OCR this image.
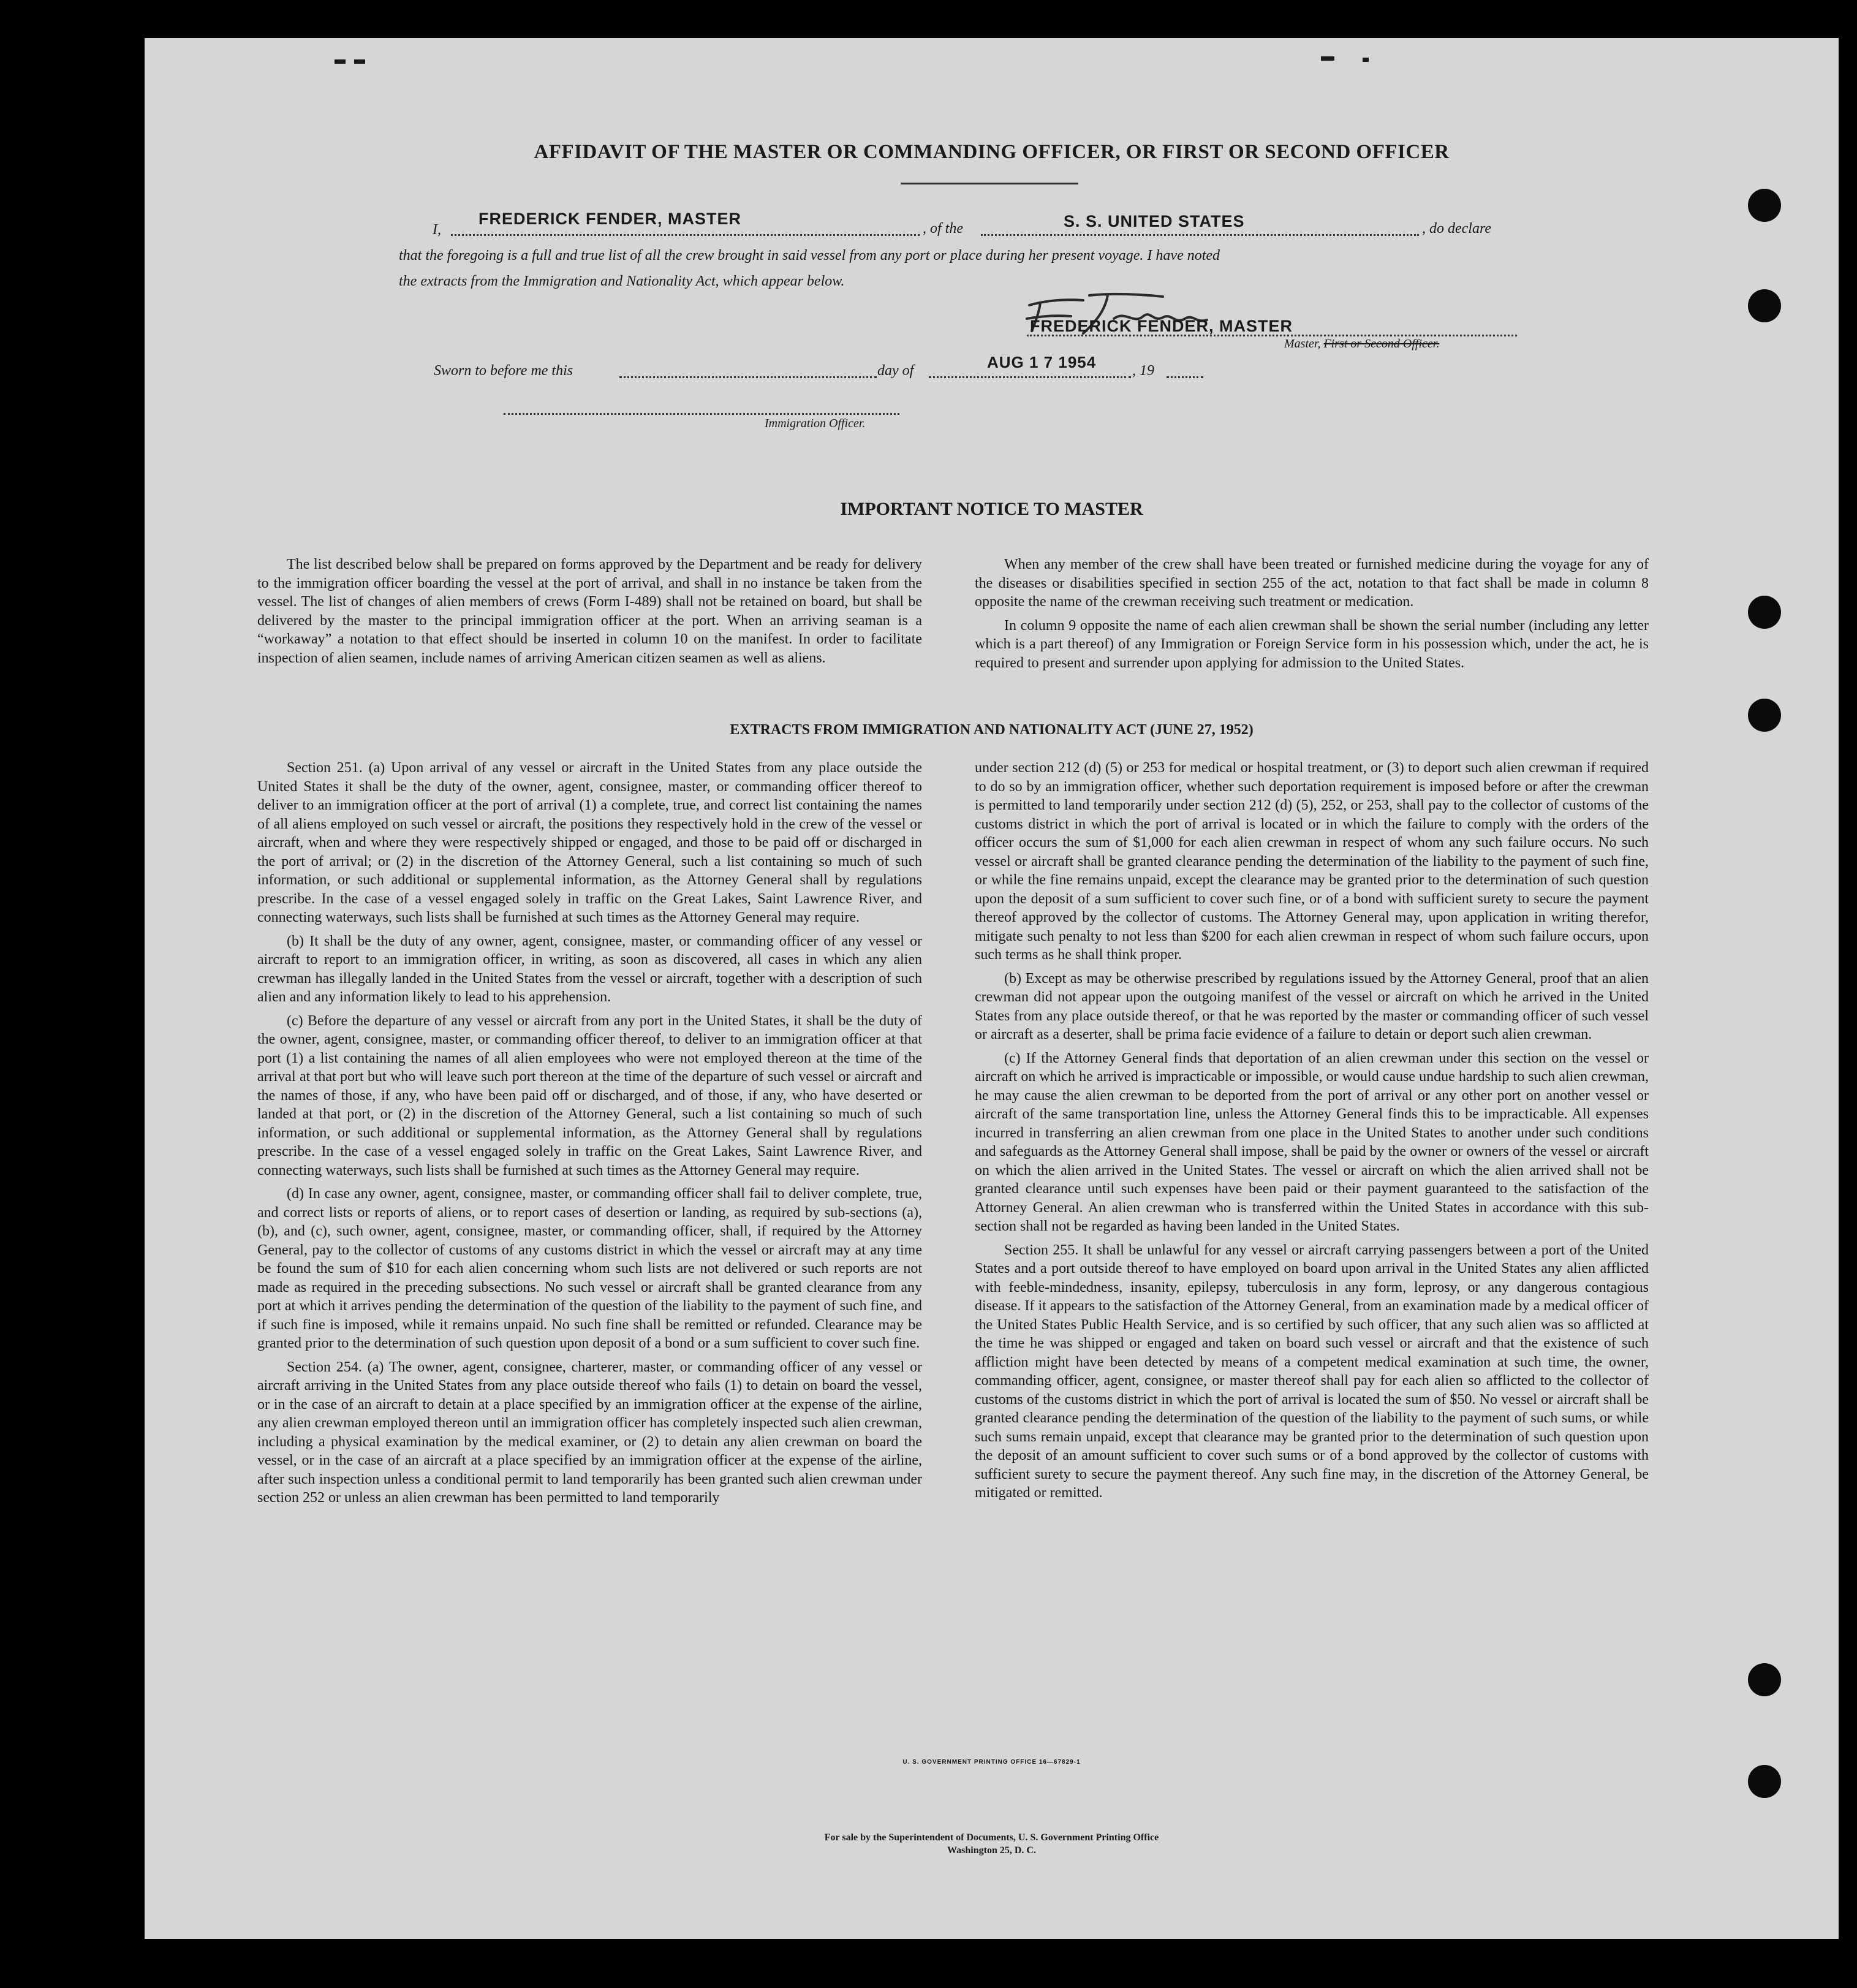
AFFIDAVIT OF THE MASTER OR COMMANDING OFFICER, OR FIRST OR SECOND OFFICER
I,
FREDERICK FENDER, MASTER
, of the	S. S. UNITED STATES	, do declare
that the foregoing is a full and true list of all the crew brought in said vessel from any port or place during her present voyage. I have noted
the extracts from the Immigration and Nationality Act, which appear below.
FREDERICK FENDER, MASTER
Master, First or Second Officer.
Sworn to before me this	day of	AUG 1 7 1954 , 19
Immigration Officer.
IMPORTANT NOTICE TO MASTER

The list described below shall be prepared on forms approved by the Department and be ready for delivery to the immigration officer boarding the vessel at the port of arrival, and shall in no instance be taken from the vessel. The list of changes of alien members of crews (Form I-489) shall not be retained on board, but shall be delivered by the master to the principal immigration officer at the port. When an arriving seaman is a “workaway” a notation to that effect should be inserted in column 10 on the manifest. In order to facilitate inspection of alien seamen, include names of arriving American citizen seamen as well as aliens.

When any member of the crew shall have been treated or furnished medicine during the voyage for any of the diseases or disabilities specified in section 255 of the act, notation to that fact shall be made in column 8 opposite the name of the crewman receiving such treatment or medication.

In column 9 opposite the name of each alien crewman shall be shown the serial number (including any letter which is a part thereof) of any Immigration or Foreign Service form in his possession which, under the act, he is required to present and surrender upon applying for admission to the United States.

EXTRACTS FROM IMMIGRATION AND NATIONALITY ACT (JUNE 27, 1952)

Section 251. (a) Upon arrival of any vessel or aircraft in the United States from any place outside the United States it shall be the duty of the owner, agent, consignee, master, or commanding officer thereof to deliver to an immigration officer at the port of arrival (1) a complete, true, and correct list containing the names of all aliens employed on such vessel or aircraft, the positions they respectively hold in the crew of the vessel or aircraft, when and where they were respectively shipped or engaged, and those to be paid off or discharged in the port of arrival; or (2) in the discretion of the Attorney General, such a list containing so much of such information, or such additional or supplemental information, as the Attorney General shall by regulations prescribe. In the case of a vessel engaged solely in traffic on the Great Lakes, Saint Lawrence River, and connecting waterways, such lists shall be furnished at such times as the Attorney General may require.

(b) It shall be the duty of any owner, agent, consignee, master, or commanding officer of any vessel or aircraft to report to an immigration officer, in writing, as soon as discovered, all cases in which any alien crewman has illegally landed in the United States from the vessel or aircraft, together with a description of such alien and any information likely to lead to his apprehension.

(c) Before the departure of any vessel or aircraft from any port in the United States, it shall be the duty of the owner, agent, consignee, master, or commanding officer thereof, to deliver to an immigration officer at that port (1) a list containing the names of all alien employees who were not employed thereon at the time of the arrival at that port but who will leave such port thereon at the time of the departure of such vessel or aircraft and the names of those, if any, who have been paid off or discharged, and of those, if any, who have deserted or landed at that port, or (2) in the discretion of the Attorney General, such a list containing so much of such information, or such additional or supplemental information, as the Attorney General shall by regulations prescribe. In the case of a vessel engaged solely in traffic on the Great Lakes, Saint Lawrence River, and connecting waterways, such lists shall be furnished at such times as the Attorney General may require.

(d) In case any owner, agent, consignee, master, or commanding officer shall fail to deliver complete, true, and correct lists or reports of aliens, or to report cases of desertion or landing, as required by sub-sections (a), (b), and (c), such owner, agent, consignee, master, or commanding officer, shall, if required by the Attorney General, pay to the collector of customs of any customs district in which the vessel or aircraft may at any time be found the sum of $10 for each alien concerning whom such lists are not delivered or such reports are not made as required in the preceding subsections. No such vessel or aircraft shall be granted clearance from any port at which it arrives pending the determination of the question of the liability to the payment of such fine, and if such fine is imposed, while it remains unpaid. No such fine shall be remitted or refunded. Clearance may be granted prior to the determination of such question upon deposit of a bond or a sum sufficient to cover such fine.

Section 254. (a) The owner, agent, consignee, charterer, master, or commanding officer of any vessel or aircraft arriving in the United States from any place outside thereof who fails (1) to detain on board the vessel, or in the case of an aircraft to detain at a place specified by an immigration officer at the expense of the airline, any alien crewman employed thereon until an immigration officer has completely inspected such alien crewman, including a physical examination by the medical examiner, or (2) to detain any alien crewman on board the vessel, or in the case of an aircraft at a place specified by an immigration officer at the expense of the airline, after such inspection unless a conditional permit to land temporarily has been granted such alien crewman under section 252 or unless an alien crewman has been permitted to land temporarily

under section 212 (d) (5) or 253 for medical or hospital treatment, or (3) to deport such alien crewman if required to do so by an immigration officer, whether such deportation requirement is imposed before or after the crewman is permitted to land temporarily under section 212 (d) (5), 252, or 253, shall pay to the collector of customs of the customs district in which the port of arrival is located or in which the failure to comply with the orders of the officer occurs the sum of $1,000 for each alien crewman in respect of whom any such failure occurs. No such vessel or aircraft shall be granted clearance pending the determination of the liability to the payment of such fine, or while the fine remains unpaid, except the clearance may be granted prior to the determination of such question upon the deposit of a sum sufficient to cover such fine, or of a bond with sufficient surety to secure the payment thereof approved by the collector of customs. The Attorney General may, upon application in writing therefor, mitigate such penalty to not less than $200 for each alien crewman in respect of whom such failure occurs, upon such terms as he shall think proper.

(b) Except as may be otherwise prescribed by regulations issued by the Attorney General, proof that an alien crewman did not appear upon the outgoing manifest of the vessel or aircraft on which he arrived in the United States from any place outside thereof, or that he was reported by the master or commanding officer of such vessel or aircraft as a deserter, shall be prima facie evidence of a failure to detain or deport such alien crewman.

(c) If the Attorney General finds that deportation of an alien crewman under this section on the vessel or aircraft on which he arrived is impracticable or impossible, or would cause undue hardship to such alien crewman, he may cause the alien crewman to be deported from the port of arrival or any other port on another vessel or aircraft of the same transportation line, unless the Attorney General finds this to be impracticable. All expenses incurred in transferring an alien crewman from one place in the United States to another under such conditions and safeguards as the Attorney General shall impose, shall be paid by the owner or owners of the vessel or aircraft on which the alien arrived in the United States. The vessel or aircraft on which the alien arrived shall not be granted clearance until such expenses have been paid or their payment guaranteed to the satisfaction of the Attorney General. An alien crewman who is transferred within the United States in accordance with this sub-section shall not be regarded as having been landed in the United States.

Section 255. It shall be unlawful for any vessel or aircraft carrying passengers between a port of the United States and a port outside thereof to have employed on board upon arrival in the United States any alien afflicted with feeble-mindedness, insanity, epilepsy, tuberculosis in any form, leprosy, or any dangerous contagious disease. If it appears to the satisfaction of the Attorney General, from an examination made by a medical officer of the United States Public Health Service, and is so certified by such officer, that any such alien was so afflicted at the time he was shipped or engaged and taken on board such vessel or aircraft and that the existence of such affliction might have been detected by means of a competent medical examination at such time, the owner, commanding officer, agent, consignee, or master thereof shall pay for each alien so afflicted to the collector of customs of the customs district in which the port of arrival is located the sum of $50. No vessel or aircraft shall be granted clearance pending the determination of the question of the liability to the payment of such sums, or while such sums remain unpaid, except that clearance may be granted prior to the determination of such question upon the deposit of an amount sufficient to cover such sums or of a bond approved by the collector of customs with sufficient surety to secure the payment thereof. Any such fine may, in the discretion of the Attorney General, be mitigated or remitted.

U. S. GOVERNMENT PRINTING OFFICE 16—67829-1
For sale by the Superintendent of Documents, U. S. Government Printing Office
Washington 25, D. C.
